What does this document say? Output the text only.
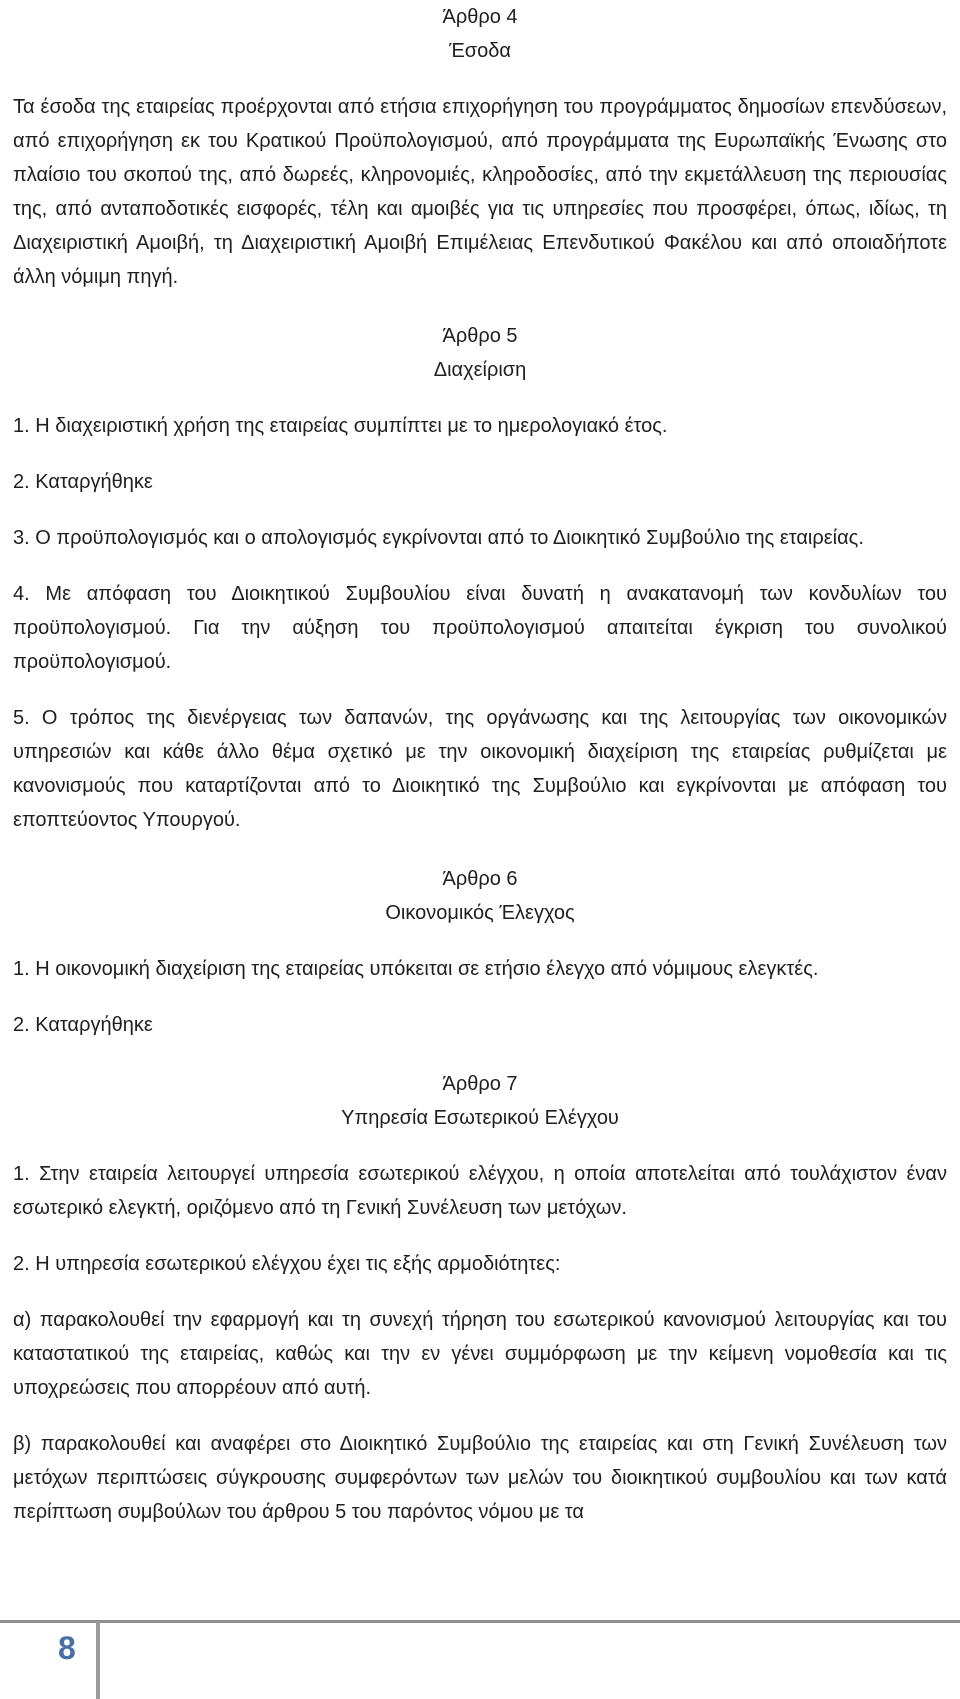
Άρθρο 4
Έσοδα

Τα έσοδα της εταιρείας προέρχονται από ετήσια επιχορήγηση του προγράμματος δημοσίων επενδύσεων, από επιχορήγηση εκ του Κρατικού Προϋπολογισμού, από προγράμματα της Ευρωπαϊκής Ένωσης στο πλαίσιο του σκοπού της, από δωρεές, κληρονομιές, κληροδοσίες, από την εκμετάλλευση της περιουσίας της, από ανταποδοτικές εισφορές, τέλη και αμοιβές για τις υπηρεσίες που προσφέρει, όπως, ιδίως, τη Διαχειριστική Αμοιβή, τη Διαχειριστική Αμοιβή Επιμέλειας Επενδυτικού Φακέλου και από οποιαδήποτε άλλη νόμιμη πηγή.

Άρθρο 5
Διαχείριση

1. Η διαχειριστική χρήση της εταιρείας συμπίπτει με το ημερολογιακό έτος.

2. Καταργήθηκε

3. Ο προϋπολογισμός και ο απολογισμός εγκρίνονται από το Διοικητικό Συμβούλιο της εταιρείας.

4. Με απόφαση του Διοικητικού Συμβουλίου είναι δυνατή η ανακατανομή των κονδυλίων του προϋπολογισμού. Για την αύξηση του προϋπολογισμού απαιτείται έγκριση του συνολικού προϋπολογισμού.

5. Ο τρόπος της διενέργειας των δαπανών, της οργάνωσης και της λειτουργίας των οικονομικών υπηρεσιών και κάθε άλλο θέμα σχετικό με την οικονομική διαχείριση της εταιρείας ρυθμίζεται με κανονισμούς που καταρτίζονται από το Διοικητικό της Συμβούλιο και εγκρίνονται με απόφαση του εποπτεύοντος Υπουργού.

Άρθρο 6
Οικονομικός Έλεγχος

1. Η οικονομική διαχείριση της εταιρείας υπόκειται σε ετήσιο έλεγχο από νόμιμους ελεγκτές.

2. Καταργήθηκε

Άρθρο 7
Υπηρεσία Εσωτερικού Ελέγχου

1. Στην εταιρεία λειτουργεί υπηρεσία εσωτερικού ελέγχου, η οποία αποτελείται από τουλάχιστον έναν εσωτερικό ελεγκτή, οριζόμενο από τη Γενική Συνέλευση των μετόχων.

2. Η υπηρεσία εσωτερικού ελέγχου έχει τις εξής αρμοδιότητες:

α) παρακολουθεί την εφαρμογή και τη συνεχή τήρηση του εσωτερικού κανονισμού λειτουργίας και του καταστατικού της εταιρείας, καθώς και την εν γένει συμμόρφωση με την κείμενη νομοθεσία και τις υποχρεώσεις που απορρέουν από αυτή.

β) παρακολουθεί και αναφέρει στο Διοικητικό Συμβούλιο της εταιρείας και στη Γενική Συνέλευση των μετόχων περιπτώσεις σύγκρουσης συμφερόντων των μελών του διοικητικού συμβουλίου και των κατά περίπτωση συμβούλων του άρθρου 5 του παρόντος νόμου με τα

8
